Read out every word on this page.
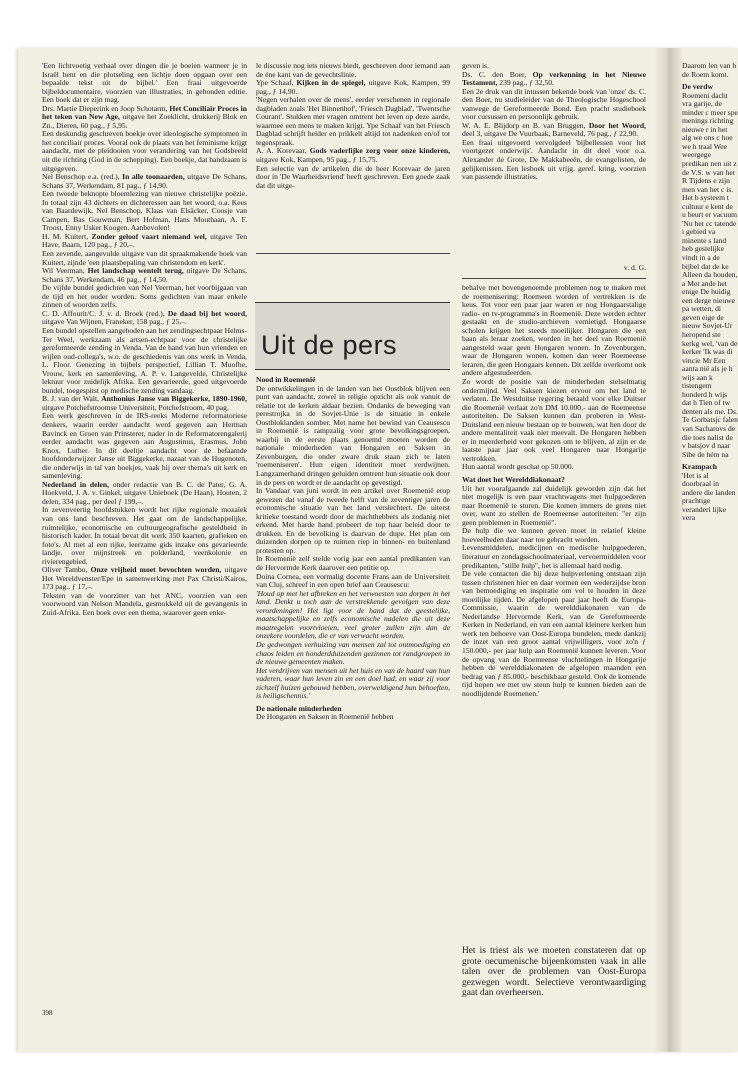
'Een lichtvoetig verhaal over dingen die je boeien wanneer je in Israël bent en die plotseling een lichtje doen opgaan over een bepaalde tekst uit de bijbel.' Een fraai uitgevoerde bijbeldocumentaire, voorzien van illustraties, in gebonden editie. Een boek dat er zijn mag.

Drs. Martie Dieperink en Joop Schotarm, Het Conciliair Proces in het teken van New Age, uitgave het Zoeklicht, drukkerij Blok en Zn., Dieren, 60 pag., ƒ 5,95.

Een deskundig geschreven boekje over ideologische symptomen in het conciliair proces. Vooral ook de plaats van het feminisme krijgt aandacht, met de pleidooien voor verandering van het Godsbeeld uit die richting (God in de schepping). Een boekje, dat handzaam is uitgegeven.

Nel Benschop e.a. (red.), In alle toonaarden, uitgave De Schans, Schans 37, Werkendam, 81 pag., ƒ 14,90.

Een tweede beknopte bloemlezing van nieuwe christelijke poëzie. In totaal zijn 43 dichters en dichteressen aan het woord, o.a. Kees van Baardewijk, Nel Benschop, Klaas van Elsäcker, Coosje van Campen, Bas Gouwman, Bert Hofman, Hans Mouthaan, A. F. Troost, Enny Usker Koogen. Aanbevolen!

H. M. Kuitert, Zonder geloof vaart niemand wel, uitgave Ten Have, Baarn, 120 pag., ƒ 20,–.

Een zevende, aangevulde uitgave van dit spraakmakende boek van Kuitert, zijnde 'een plaatsbepaling van christendom en kerk'.

Wil Veerman, Het landschap wentelt terug, uitgave De Schans, Schans 37, Werkendam, 46 pag., ƒ 14,50.

De vijfde bundel gedichten van Nel Veerman, het voorbijgaan van de tijd en het ouder worden. Soms gedichten van maar enkele zinnen of woorden zelfs.

C. D. Affourit/C. J. v. d. Broek (red.), De daad bij het woord, uitgave Van Wijnen, Franeker, 158 pag., ƒ 25,–.

Een bundel opstellen aangeboden aan het zendingsechtpaar Helms-Ter Weel, werkzaam als artsen-echtpaar voor de christelijke gereformeerde zending in Venda. Van de hand van hun vrienden en wijlen oud-collega's, w.o. de geschiedenis van ons werk in Venda, L. Floor. Genezing in bijbels perspectief, Lillian T. Muofhe, Vrouw, kerk en samenleving, A. P. v. Langevelde, Christelijke lektuur voor zuidelijk Afrika. Een gevarieerde, goed uitgevoerde bundel, toegespitst op medische zending vandaag.

B. J. van der Walt, Anthonius Janse van Biggekerke, 1890-1960, uitgave Potchefstroomse Universiteit, Potchefstroom, 40 pag.

Een werk geschreven in de IRS-reeks Moderne reformatoriese denkers, waarin eerder aandacht werd gegeven aan Herman Bavinck en Groen van Prinsterer, nader in de Reformatorengalerij eerder aandacht was gegeven aan Augustinus, Erasmus, John Knox, Luther. In dit deeltje aandacht voor de befaamde hoofdonderwijzer Janse uit Biggekerke, nazaat van de Hugenoten, die onderwijs in tal van boekjes, vaak hij over thema's uit kerk en samenleving.

Nederland in delen, onder redactie van B. C. de Pater, G. A. Hoekveld, J. A. v. Ginkel, uitgave Unieboek (De Haan), Houten, 2 delen, 334 pag., per deel ƒ 199,–.

In zevenveertig hoofdstukken wordt het rijke regionale mozaïek van ons land beschreven. Het gaat om de landschappelijke, ruimtelijke, economische en cultuurgeografische gesteldheid in historisch kader. In totaal bevat dit werk 350 kaarten, grafieken en foto's. Al met al een rijke, leerzame gids inzake ons gevarieerde landje, over mijnstreek en polderland, veenkolonie en rivierengebied.

Oliver Tambo, Onze vrijheid moet bevochten worden, uitgave Het Wereldvenster/Epe in samenwerking met Pax Christi/Kairos, 173 pag., ƒ 17,–.

Teksten van de voorzitter van het ANC, voorzien van een voorwoord van Nelson Mandela, gesmokkeld uit de gevangenis in Zuid-Afrika. Een boek over een thema, waarover geen enke-

le discussie nog iets nieuws biedt, geschreven door iemand aan de éne kant van de gevechtslinie.

Ype Schaaf, Kijken in de spiegel, uitgave Kok, Kampen, 99 pag., ƒ 14,90.

'Negen verhalen over de mens', eerder verschenen in regionale dagbladen zoals 'Het Binnenhof', 'Friesch Dagblad', 'Twentsche Courant'. Stukken met vragen omtrent het leven op deze aarde, waarmee een mens te maken krijgt. Ype Schaaf van het Friesch Dagblad schrijft helder en prikkelt altijd tot nadenken en/of tot tegenspraak.

A. A. Korevaar, Gods vaderlijke zorg voor onze kinderen, uitgave Kok, Kampen, 95 pag., ƒ 15,75.

Een selectie van de artikelen die de heer Korevaar de jaren door in 'De Waarheidsvriend' heeft geschreven. Een goede zaak dat dit uitge-

geven is.

Ds. C. den Boer, Op verkenning in het Nieuwe Testament, 239 pag., ƒ 32,50.

Een 2e druk van dit intussen bekende boek van 'onze' ds. C. den Boer, nu studieleider van de Theologische Hogeschool vanwege de Gereformeerde Bond. Een pracht studieboek voor cursussen en persoonlijk gebruik.

W. A. E. Blijdorp en B. van Bruggen, Door het Woord, deel 3, uitgave De Vuurbaak, Barneveld, 76 pag., ƒ 22,90.

Een fraai uitgevoerd vervolgdeel 'bijbellessen voor het voortgezet onderwijs'. Aandacht in dit deel voor o.a. Alexander de Grote, De Makkabeeën, de evangelisten, de gelijkenissen. Een lesboek uit vrijg. geref. kring, voorzien van passende illustraties.

v. d. G.
Uit de pers

Nood in Roemenië

De ontwikkelingen in de landen van het Oostblok blijven een punt van aandacht, zowel in religie opzicht als ook vanuit de relatie tot de kerken aldaar bezien. Ondanks de beweging van perestrojka in de Sovjet-Unie is de situatie in enkele Oostbloklanden somber. Met name het bewind van Ceausescu in Roemenië is rampzalig voor grote bevolkingsgroepen, waarbij in de eerste plaats genoemd moeten worden de nationale minderheden van Hongaren en Saksen in Zevenburgen, die onder zware druk staan zich te laten 'roemeniseren'. Hun eigen identiteit moet verdwijnen. Langzamerhand dringen geluiden omtrent hun situatie ook door in de pers en wordt er de aandacht op gevestigd.

In Vandaar van juni wordt in een artikel over Roemenië erop gewezen dat vanaf de tweede helft van de zeventiger jaren de economische situatie van het land verslechtert. De uiterst kritieke toestand wordt door de machthebbers als zodanig niet erkend. Met harde hand probeert de top haar beleid door te drukken. En de bevolking is daarvan de dupe. Het plan om duizenden dorpen op te ruimen riep in binnen- en buitenland protesten op.

In Roemenië zelf stelde vorig jaar een aantal predikanten van de Hervormde Kerk daarover een petitie op.

Doina Cornea, een vormalig docente Frans aan de Universiteit van Cluj, schreef in een open brief aan Ceausescu:

'Houd op met het afbreken en het verwoesten van dorpen in het land. Denkt u toch aan de verstrekkende gevolgen van deze verordeningen! Het ligt voor de hand dat de geestelijke, maatschappelijke en zelfs economische nadelen die uit deze maatregelen voortvloeien, veel groter zullen zijn dan de onzekere voordelen, die er van verwacht worden.

De gedwongen verhuizing van mensen zal tot ontmoediging en chaos leiden en honderdduizenden gezinnen tot randgroepen in de nieuwe gemeenten maken.

Het verdrijven van mensen uit het huis en van de haard van hun vaderen, waar hun leven zin en een doel had, en waar zij voor zichzelf huizen gebouwd hebben, overweldigend hun behoeften, is heiligschennis.'

De nationale minderheden

De Hongaren en Saksen in Roemenië hebben

behalve met bovengenoemde problemen nog te maken met de roemenisering: Roemeen worden of vertrekken is de keus. Tot voor een paar jaar waren er nog Hongaarstalige radio- en tv-programma's in Roemenië. Deze werden echter gestaakt en de studio-archieven vernietigd. Hongaarse scholen krijgen het steeds moeilijker. Hongaren die een baan als leraar zoeken, worden in het deel van Roemenië aangesteld waar geen Hongaren wonen. In Zevenburgen, waar de Hongaren wonen, komen dan weer Roemeense leraren, die geen Hongaars kennen. Dit zelfde overkomt ook andere afgestudeerden.

Zo wordt de positie van de minderheden stelselmatig ondermijnd. Veel Saksen kiezen ervoor om het land te verlaten. De Westduitse regering betaald voor elke Duitser die Roemenië verlaat zo'n DM 10.000,- aan de Roemeense autoriteiten. De Saksen kunnen dan proberen in West-Duitsland een nieuw bestaan op te bouwen, wat hen door de andere mentaliteit vaak niet meevalt. De Hongaren hebben er in meerderheid voor gekozen om te blijven, al zijn er de laatste paar jaar ook veel Hongaren naar Hongarije vertrokken.

Hun aantal wordt geschat op 50.000.

Wat doet het Werelddiakonaat?

Uit het voorafgaande zal duidelijk geworden zijn dat het niet mogelijk is een paar vrachtwagens met hulpgoederen naar Roemenië te sturen. Die komen immers de grens niet over, want zo stellen de Roemeense autoriteiten: "er zijn geen problemen in Roemenië".

De hulp die we kunnen geven moet in relatief kleine hoeveelheden daar naar toe gebracht worden.

Levensmiddelen, medicijnen en medische hulpgoederen, literatuur en zondagsschoolmateriaal, vervoermiddelen voor predikanten, "stille hulp", het is allemaal hard nodig.

De vele contacten die bij deze hulpverlening ontstaan zijn tussen christenen hier en daar vormen een wederzijdse bron van bemoediging en inspiratie om vol te houden in deze moeilijke tijden. De afgelopen paar jaar heeft de Europa-Commissie, waarin de werelddiakonaten van de Nederlandse Hervormde Kerk, van de Gereformeerde Kerken in Nederland, en van een aantal kleinere kerken hun werk ten behoeve van Oost-Europa bundelen, mede dankzij de inzet van een groot aantal vrijwilligers, voor zo'n ƒ 150.000,- per jaar hulp aan Roemenië kunnen leveren. Voor de opvang van de Roemeense vluchtelingen in Hongarije hebben de werelddiakonaten de afgelopen maanden een bedrag van ƒ 85.000,- beschikbaar gesteld. Ook de komende tijd hopen we met uw steun hulp te kunnen bieden aan de noodlijdende Roemenen.'

Het is triest als we moeten constateren dat op grote oecumenische bijeenkomsten vaak in alle talen over de problemen van Oost-Europa gezwegen wordt. Selectieve verontwaardiging gaat dan overheersen.

Daarom len van h de Roem komt.

De verdw

Roemeni dacht vra garije, de minder c meer spe menings richting nieuwe r in het alg we ons c hoe we h traal Wee weergege predikan nen uit z de V.S. w van het R Tijdens e zijn men van het c is. Het b systeem t cultuur e kent de u beurt er vacuum

'Nu het cc tatende i gebied va minente s land heb gestelijke vindt in a de bijbel dat de ke Alleen da houden, a Met ande het enige De huidig een derge nieuwe pa wetten, di geven eige de nieuw Sovjet-Ur heropend ste kerkg wel, 'van de kerker 'Ik was di vincie Mr Een aanta nië als je h wijs aan k tistengem honderd h wijs dat h Tien of tw denten als me. Ds. Te Gorbatsjc falen van Sacharovs de die toes nalist de v batsjov d naar Sibe de hém na

Krampach

'Het is al doorbraal in andere die landen prachtige veranderi lijke vera

398
